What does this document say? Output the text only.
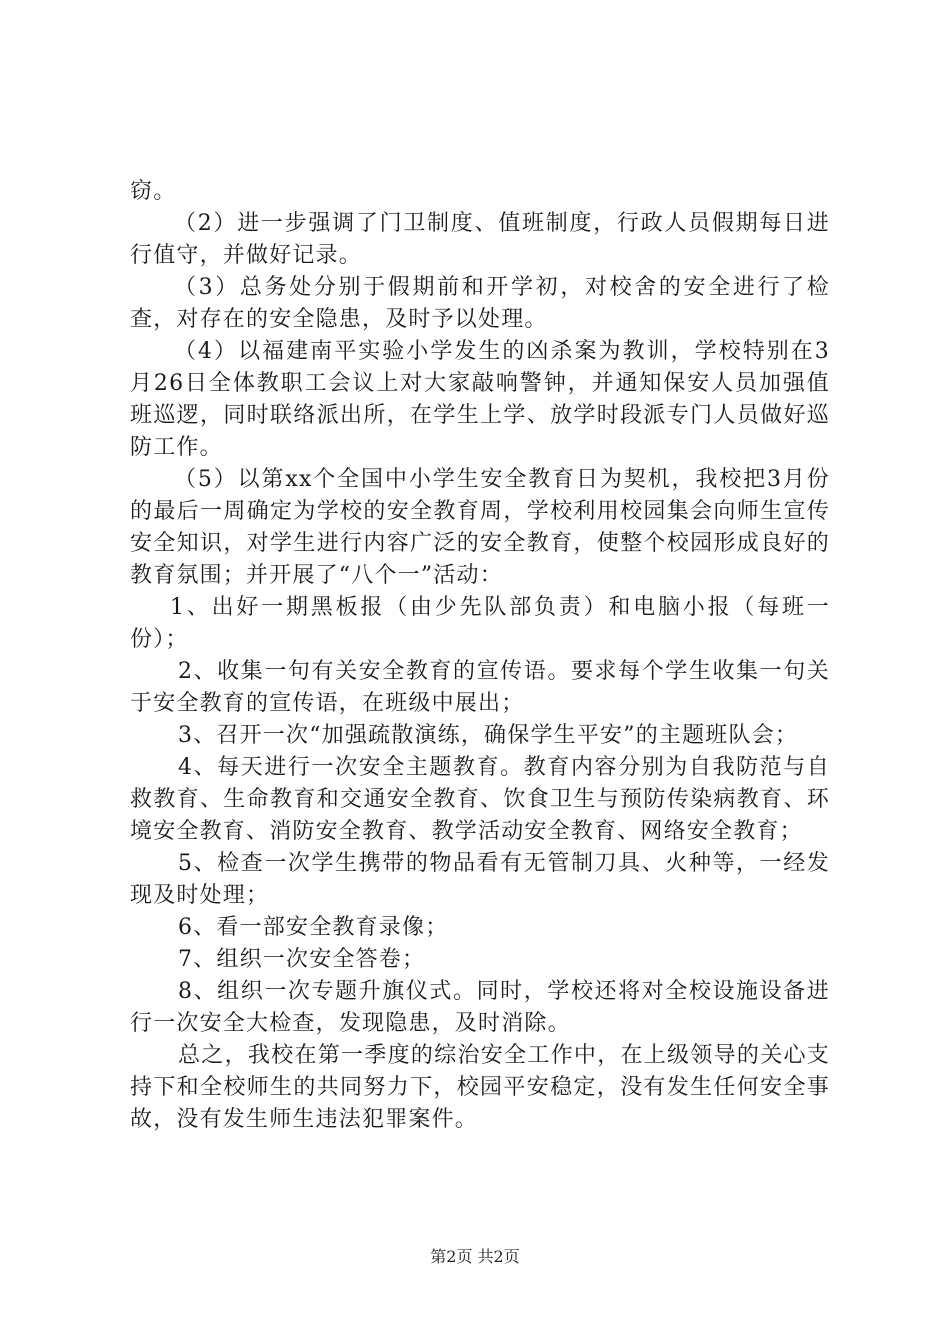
窃。

（2）进一步强调了门卫制度、值班制度，行政人员假期每日进行值守，并做好记录。

（3）总务处分别于假期前和开学初，对校舍的安全进行了检查，对存在的安全隐患，及时予以处理。

（4）以福建南平实验小学发生的凶杀案为教训，学校特别在3月26日全体教职工会议上对大家敲响警钟，并通知保安人员加强值班巡逻，同时联络派出所，在学生上学、放学时段派专门人员做好巡防工作。

（5）以第xx个全国中小学生安全教育日为契机，我校把3月份的最后一周确定为学校的安全教育周，学校利用校园集会向师生宣传安全知识，对学生进行内容广泛的安全教育，使整个校园形成良好的教育氛围；并开展了“八个一”活动：

1、出好一期黑板报（由少先队部负责）和电脑小报（每班一份）；

2、收集一句有关安全教育的宣传语。要求每个学生收集一句关于安全教育的宣传语，在班级中展出；

3、召开一次“加强疏散演练，确保学生平安”的主题班队会；

4、每天进行一次安全主题教育。教育内容分别为自我防范与自救教育、生命教育和交通安全教育、饮食卫生与预防传染病教育、环境安全教育、消防安全教育、教学活动安全教育、网络安全教育；

5、检查一次学生携带的物品看有无管制刀具、火种等，一经发现及时处理；

6、看一部安全教育录像；

7、组织一次安全答卷；

8、组织一次专题升旗仪式。同时，学校还将对全校设施设备进行一次安全大检查，发现隐患，及时消除。

总之，我校在第一季度的综治安全工作中，在上级领导的关心支持下和全校师生的共同努力下，校园平安稳定，没有发生任何安全事故，没有发生师生违法犯罪案件。

第2页 共2页
